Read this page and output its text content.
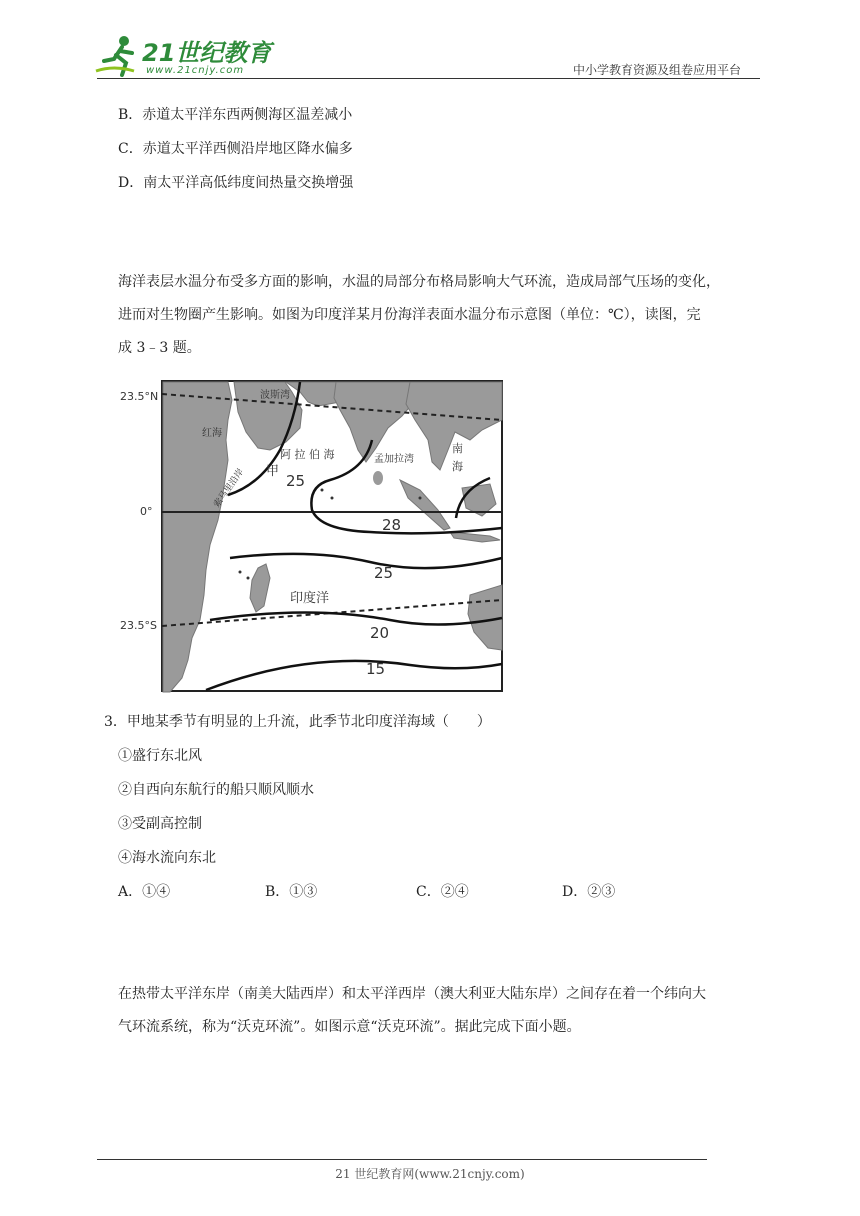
21世纪教育
www.21cnjy.com	中小学教育资源及组卷应用平台
B．赤道太平洋东西两侧海区温差减小
C．赤道太平洋西侧沿岸地区降水偏多
D．南太平洋高低纬度间热量交换增强
海洋表层水温分布受多方面的影响，水温的局部分布格局影响大气环流，造成局部气压场的变化，
进而对生物圈产生影响。如图为印度洋某月份海洋表面水温分布示意图（单位：℃），读图，完
成 3﹣3 题。
23.5°N
0°
23.5°S
波斯湾
红海
阿 拉 伯 海	孟加拉湾
南
海
甲
索马里沿岸
印度洋
25
28
25
20
15
3．甲地某季节有明显的上升流，此季节北印度洋海域（　　）
①盛行东北风
②自西向东航行的船只顺风顺水
③受副高控制
④海水流向东北
A．①④	B．①③	C．②④	D．②③
在热带太平洋东岸（南美大陆西岸）和太平洋西岸（澳大利亚大陆东岸）之间存在着一个纬向大
气环流系统，称为“沃克环流”。如图示意“沃克环流”。据此完成下面小题。
21 世纪教育网(www.21cnjy.com)
